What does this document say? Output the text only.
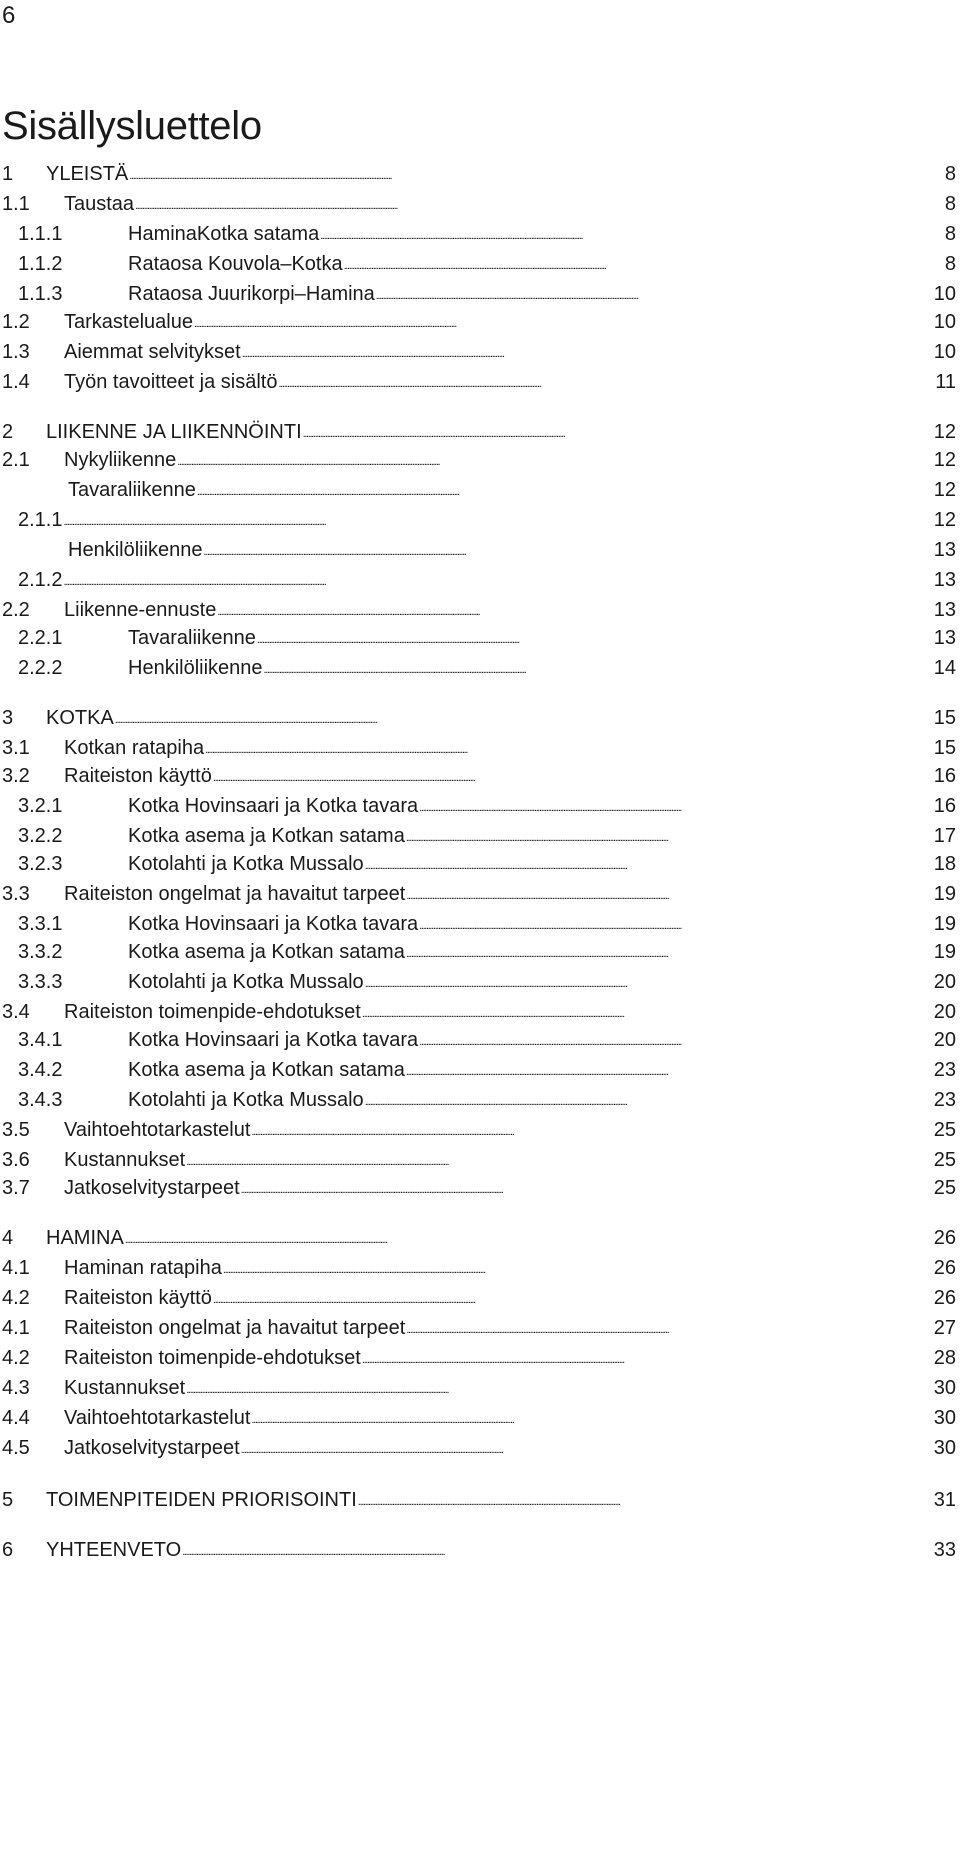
6
Sisällysluettelo
1	YLEISTÄ . . .	8
1.1	Taustaa . . .	8
1.1.1	HaminaKotka satama . . .	8
1.1.2	Rataosa Kouvola–Kotka . . .	8
1.1.3	Rataosa Juurikorpi–Hamina . . .	10
1.2	Tarkastelualue . . .	10
1.3	Aiemmat selvitykset . . .	10
1.4	Työn tavoitteet ja sisältö . . .	11
2	LIIKENNE JA LIIKENNÖINTI . . .	12
2.1	Nykyliikenne . . .	12
Tavaraliikenne . . .	12
2.1.1 . . .	12
Henkilöliikenne . . .	13
2.1.2 . . .	13
2.2	Liikenne-ennuste . . .	13
2.2.1	Tavaraliikenne . . .	13
2.2.2	Henkilöliikenne . . .	14
3	KOTKA . . .	15
3.1	Kotkan ratapiha . . .	15
3.2	Raiteiston käyttö . . .	16
3.2.1	Kotka Hovinsaari ja Kotka tavara . . .	16
3.2.2	Kotka asema ja Kotkan satama . . .	17
3.2.3	Kotolahti ja Kotka Mussalo . . .	18
3.3	Raiteiston ongelmat ja havaitut tarpeet . . .	19
3.3.1	Kotka Hovinsaari ja Kotka tavara . . .	19
3.3.2	Kotka asema ja Kotkan satama . . .	19
3.3.3	Kotolahti ja Kotka Mussalo . . .	20
3.4	Raiteiston toimenpide-ehdotukset . . .	20
3.4.1	Kotka Hovinsaari ja Kotka tavara . . .	20
3.4.2	Kotka asema ja Kotkan satama . . .	23
3.4.3	Kotolahti ja Kotka Mussalo . . .	23
3.5	Vaihtoehtotarkastelut . . .	25
3.6	Kustannukset . . .	25
3.7	Jatkoselvitystarpeet . . .	25
4	HAMINA . . .	26
4.1	Haminan ratapiha . . .	26
4.2	Raiteiston käyttö . . .	26
4.1	Raiteiston ongelmat ja havaitut tarpeet . . .	27
4.2	Raiteiston toimenpide-ehdotukset . . .	28
4.3	Kustannukset . . .	30
4.4	Vaihtoehtotarkastelut . . .	30
4.5	Jatkoselvitystarpeet . . .	30
5	TOIMENPITEIDEN PRIORISOINTI . . .	31
6	YHTEENVETO . . .	33
